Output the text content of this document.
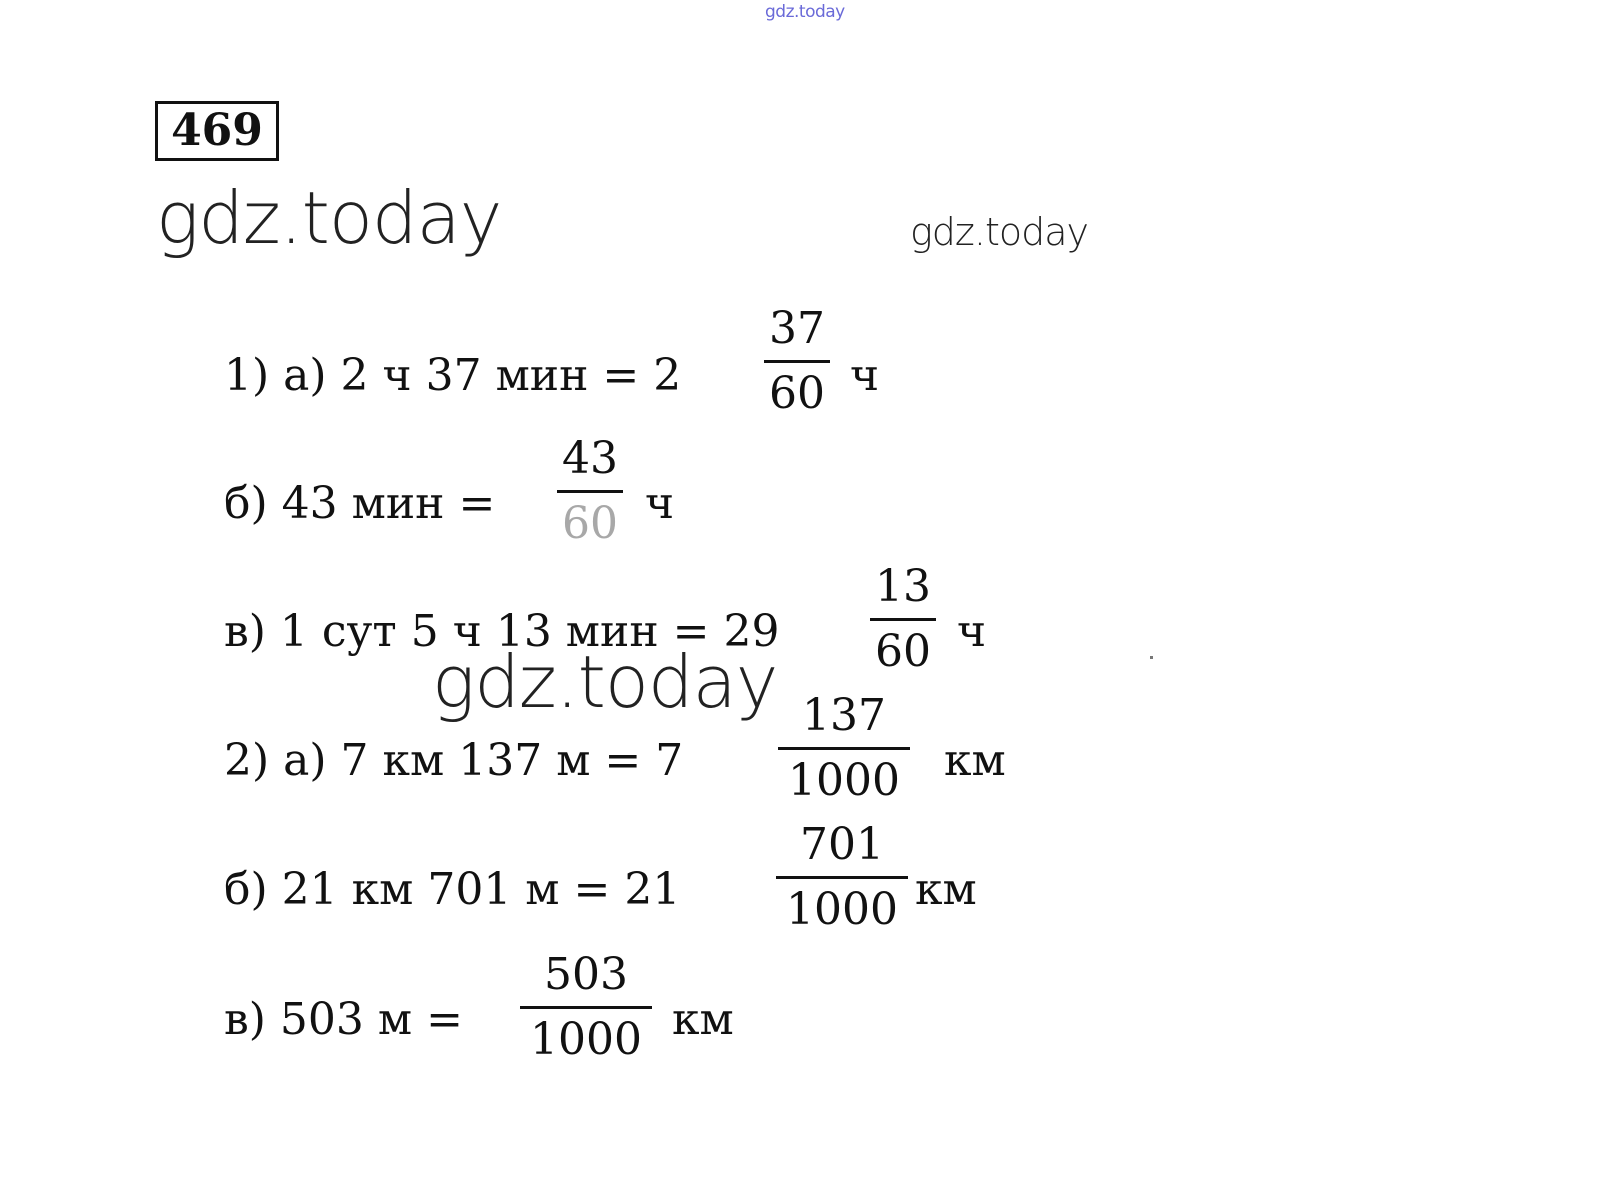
gdz.today
469
gdz.today	gdz.today
1) а) 2 ч 37 мин = 2
37
60 ч
б) 43 мин =
43
60 ч
в) 1 сут 5 ч 13 мин = 29
13
60 ч
gdz.today
2) а) 7 км 137 м = 7
137
1000 км
б) 21 км 701 м = 21
701
1000 км
в) 503 м =
503
1000 км
